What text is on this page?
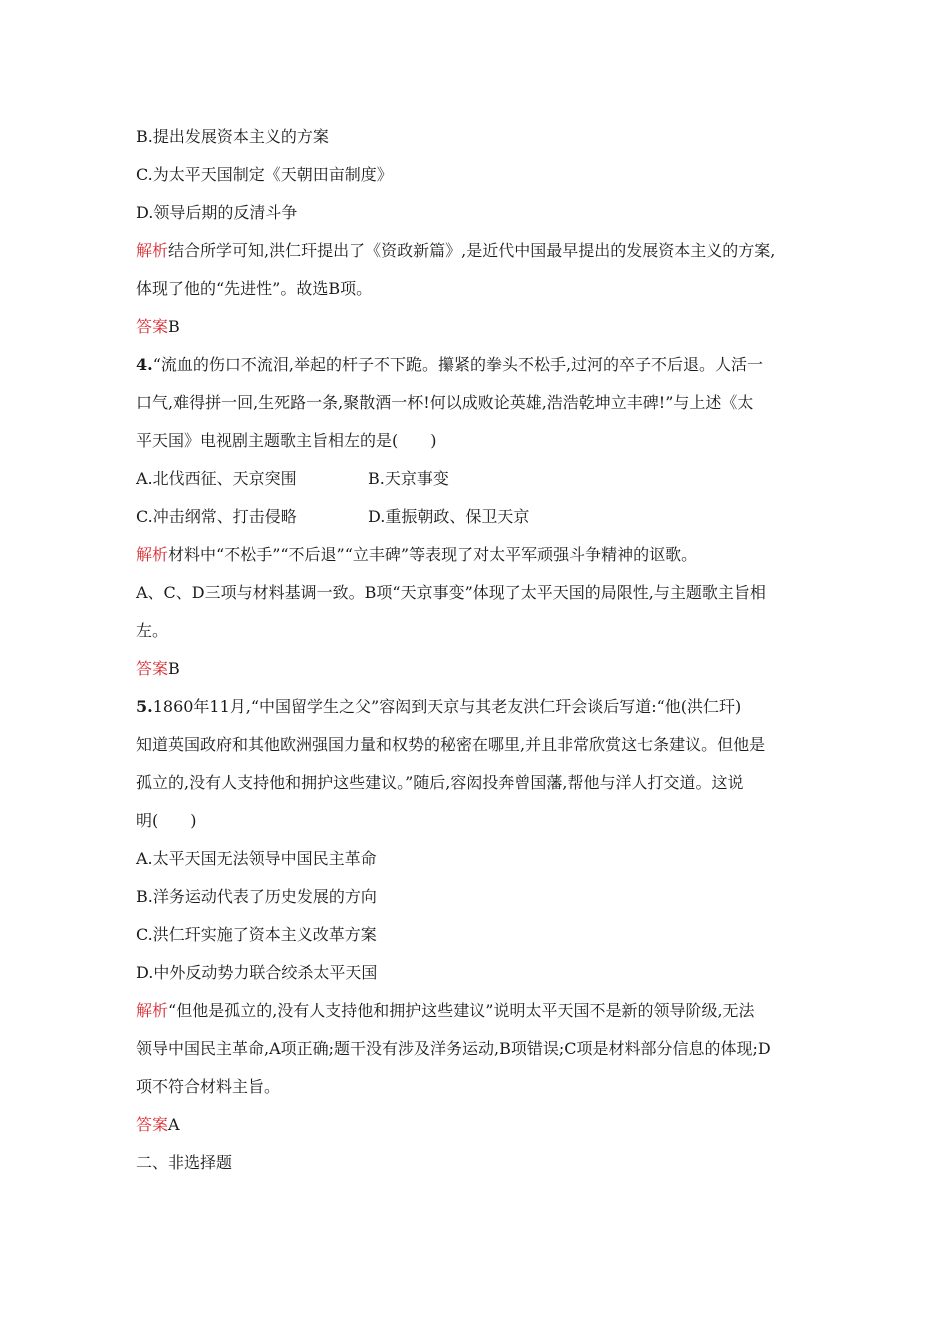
B.提出发展资本主义的方案

C.为太平天国制定《天朝田亩制度》

D.领导后期的反清斗争

解析结合所学可知,洪仁玕提出了《资政新篇》,是近代中国最早提出的发展资本主义的方案,

体现了他的“先进性”。故选B项。

答案B

4.“流血的伤口不流泪,举起的杆子不下跪。攥紧的拳头不松手,过河的卒子不后退。人活一

口气,难得拼一回,生死路一条,聚散酒一杯!何以成败论英雄,浩浩乾坤立丰碑!”与上述《太

平天国》电视剧主题歌主旨相左的是(　　)

A.北伐西征、天京突围	B.天京事变
C.冲击纲常、打击侵略	D.重振朝政、保卫天京

解析材料中“不松手”“不后退”“立丰碑”等表现了对太平军顽强斗争精神的讴歌。

A、C、D三项与材料基调一致。B项“天京事变”体现了太平天国的局限性,与主题歌主旨相

左。

答案B

5.1860年11月,“中国留学生之父”容闳到天京与其老友洪仁玕会谈后写道:“他(洪仁玕)

知道英国政府和其他欧洲强国力量和权势的秘密在哪里,并且非常欣赏这七条建议。但他是

孤立的,没有人支持他和拥护这些建议。”随后,容闳投奔曾国藩,帮他与洋人打交道。这说

明(　　)

A.太平天国无法领导中国民主革命

B.洋务运动代表了历史发展的方向

C.洪仁玕实施了资本主义改革方案

D.中外反动势力联合绞杀太平天国

解析“但他是孤立的,没有人支持他和拥护这些建议”说明太平天国不是新的领导阶级,无法

领导中国民主革命,A项正确;题干没有涉及洋务运动,B项错误;C项是材料部分信息的体现;D

项不符合材料主旨。

答案A

二、非选择题
